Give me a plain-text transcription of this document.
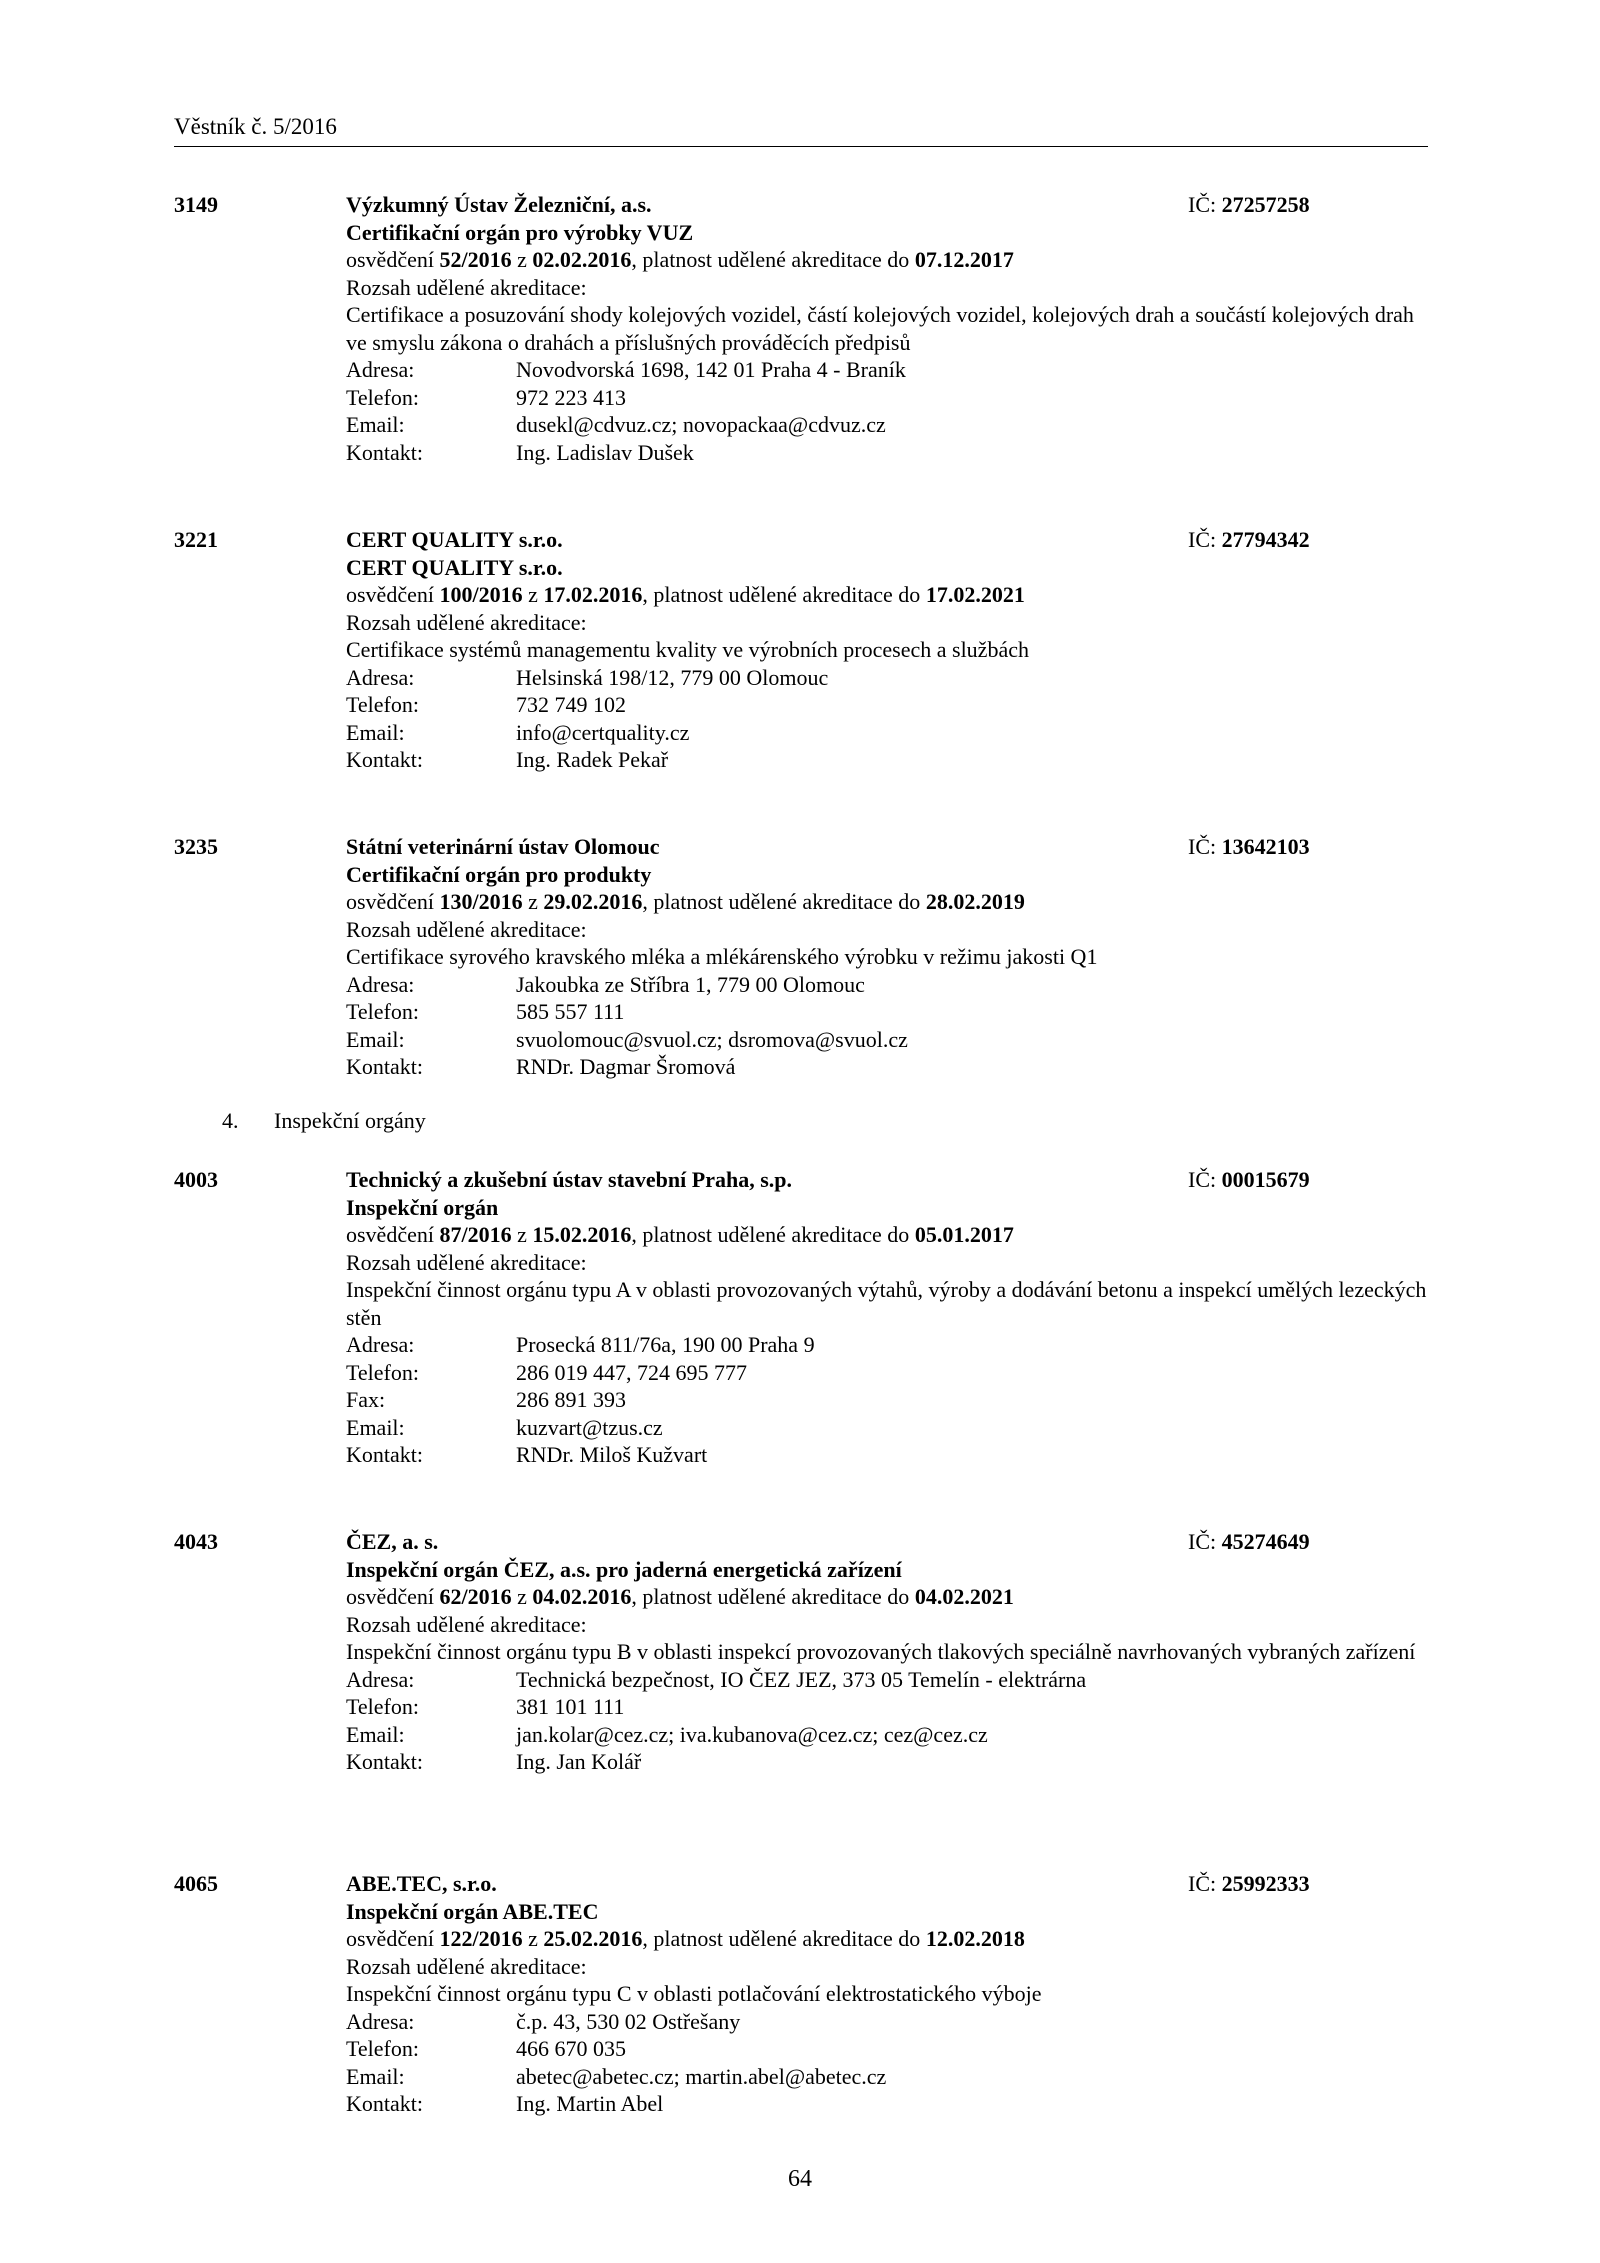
Věstník č. 5/2016
3149	Výzkumný Ústav Železniční, a.s.	IČ: 27257258
Certifikační orgán pro výrobky VUZ
osvědčení 52/2016 z 02.02.2016, platnost udělené akreditace do 07.12.2017
Rozsah udělené akreditace:
Certifikace a posuzování shody kolejových vozidel, částí kolejových vozidel, kolejových drah a součástí kolejových drah ve smyslu zákona o drahách a příslušných prováděcích předpisů
Adresa:	Novodvorská 1698, 142 01 Praha 4 - Braník
Telefon:	972 223 413
Email:	dusekl@cdvuz.cz; novopackaa@cdvuz.cz
Kontakt:	Ing. Ladislav Dušek
3221	CERT QUALITY s.r.o.	IČ: 27794342
CERT QUALITY s.r.o.
osvědčení 100/2016 z 17.02.2016, platnost udělené akreditace do 17.02.2021
Rozsah udělené akreditace:
Certifikace systémů managementu kvality ve výrobních procesech a službách
Adresa:	Helsinská 198/12, 779 00 Olomouc
Telefon:	732 749 102
Email:	info@certquality.cz
Kontakt:	Ing. Radek Pekař
3235	Státní veterinární ústav Olomouc	IČ: 13642103
Certifikační orgán pro produkty
osvědčení 130/2016 z 29.02.2016, platnost udělené akreditace do 28.02.2019
Rozsah udělené akreditace:
Certifikace syrového kravského mléka a mlékárenského výrobku v režimu jakosti Q1
Adresa:	Jakoubka ze Stříbra 1, 779 00 Olomouc
Telefon:	585 557 111
Email:	svuolomouc@svuol.cz; dsromova@svuol.cz
Kontakt:	RNDr. Dagmar Šromová
4. Inspekční orgány
4003	Technický a zkušební ústav stavební Praha, s.p.	IČ: 00015679
Inspekční orgán
osvědčení 87/2016 z 15.02.2016, platnost udělené akreditace do 05.01.2017
Rozsah udělené akreditace:
Inspekční činnost orgánu typu A v oblasti provozovaných výtahů, výroby a dodávání betonu a inspekcí umělých lezeckých stěn
Adresa:	Prosecká 811/76a, 190 00 Praha 9
Telefon:	286 019 447, 724 695 777
Fax:	286 891 393
Email:	kuzvart@tzus.cz
Kontakt:	RNDr. Miloš Kužvart
4043	ČEZ, a. s.	IČ: 45274649
Inspekční orgán ČEZ, a.s. pro jaderná energetická zařízení
osvědčení 62/2016 z 04.02.2016, platnost udělené akreditace do 04.02.2021
Rozsah udělené akreditace:
Inspekční činnost orgánu typu B v oblasti inspekcí provozovaných tlakových speciálně navrhovaných vybraných zařízení
Adresa:	Technická bezpečnost, IO ČEZ JEZ, 373 05 Temelín - elektrárna
Telefon:	381 101 111
Email:	jan.kolar@cez.cz; iva.kubanova@cez.cz; cez@cez.cz
Kontakt:	Ing. Jan Kolář
4065	ABE.TEC, s.r.o.	IČ: 25992333
Inspekční orgán ABE.TEC
osvědčení 122/2016 z 25.02.2016, platnost udělené akreditace do 12.02.2018
Rozsah udělené akreditace:
Inspekční činnost orgánu typu C v oblasti potlačování elektrostatického výboje
Adresa:	č.p. 43, 530 02 Ostřešany
Telefon:	466 670 035
Email:	abetec@abetec.cz; martin.abel@abetec.cz
Kontakt:	Ing. Martin Abel
64
